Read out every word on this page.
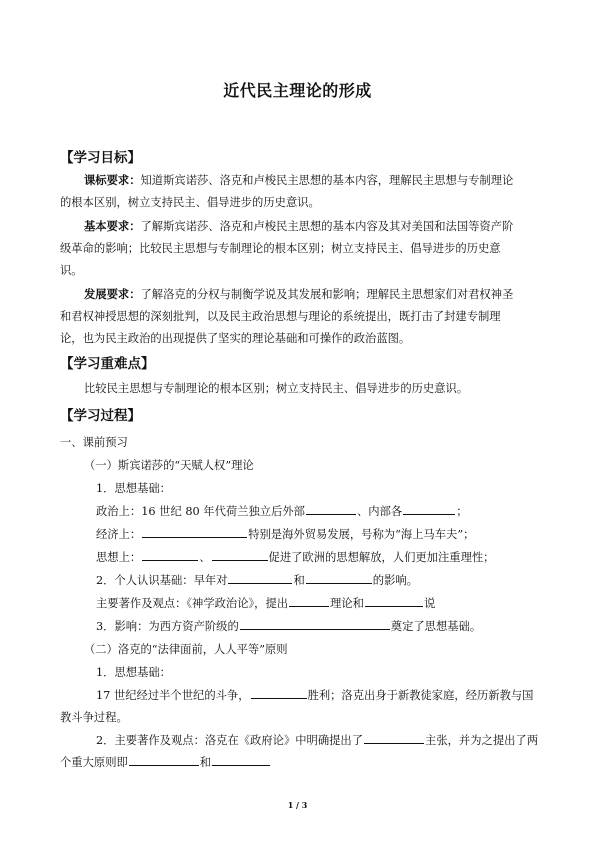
近代民主理论的形成
【学习目标】
课标要求：知道斯宾诺莎、洛克和卢梭民主思想的基本内容，理解民主思想与专制理论
的根本区别，树立支持民主、倡导进步的历史意识。
基本要求：了解斯宾诺莎、洛克和卢梭民主思想的基本内容及其对美国和法国等资产阶
级革命的影响；比较民主思想与专制理论的根本区别；树立支持民主、倡导进步的历史意
识。
发展要求：了解洛克的分权与制衡学说及其发展和影响；理解民主思想家们对君权神圣
和君权神授思想的深刻批判，以及民主政治思想与理论的系统提出，既打击了封建专制理
论，也为民主政治的出现提供了坚实的理论基础和可操作的政治蓝图。
【学习重难点】
比较民主思想与专制理论的根本区别；树立支持民主、倡导进步的历史意识。
【学习过程】
一、课前预习
（一）斯宾诺莎的“天赋人权”理论
1．思想基础：
政治上：16 世纪 80 年代荷兰独立后外部	、内部各	；
经济上：	特别是海外贸易发展，号称为“海上马车夫”；
思想上：	、	促进了欧洲的思想解放，人们更加注重理性；
2．个人认识基础：早年对	和	的影响。
主要著作及观点：《神学政治论》，提出	理论和	说
3．影响：为西方资产阶级的	奠定了思想基础。
（二）洛克的“法律面前，人人平等”原则
1．思想基础：
17 世纪经过半个世纪的斗争，	胜利；洛克出身于新教徒家庭，经历新教与国
教斗争过程。
2．主要著作及观点：洛克在《政府论》中明确提出了	主张，并为之提出了两
个重大原则即	和
1 / 3
